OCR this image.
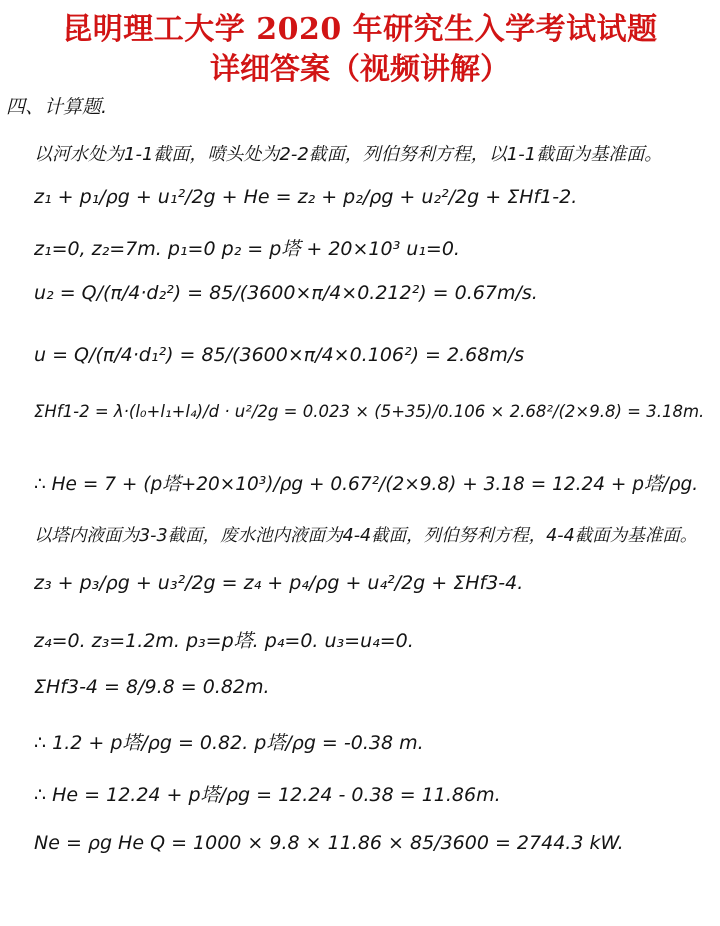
昆明理工大学 2020 年研究生入学考试试题
详细答案（视频讲解）
四、计算题.
以河水处为1-1截面，喷头处为2-2截面，列伯努利方程，以1-1截面为基准面。
z₁ + p₁/ρg + u₁²/2g + He = z₂ + p₂/ρg + u₂²/2g + ΣHf1-2.
z₁=0, z₂=7m. p₁=0 p₂ = p塔 + 20×10³ u₁=0.
u₂ = Q/(π/4·d₂²) = 85/(3600×π/4×0.212²) = 0.67m/s.
u = Q/(π/4·d₁²) = 85/(3600×π/4×0.106²) = 2.68m/s
ΣHf1-2 = λ·(l₀+l₁+l₄)/d · u²/2g = 0.023 × (5+35)/0.106 × 2.68²/(2×9.8) = 3.18m.
∴ He = 7 + (p塔+20×10³)/ρg + 0.67²/(2×9.8) + 3.18 = 12.24 + p塔/ρg.
以塔内液面为3-3截面，废水池内液面为4-4截面，列伯努利方程，4-4截面为基准面。
z₃ + p₃/ρg + u₃²/2g = z₄ + p₄/ρg + u₄²/2g + ΣHf3-4.
z₄=0. z₃=1.2m. p₃=p塔. p₄=0. u₃=u₄=0.
ΣHf3-4 = 8/9.8 = 0.82m.
∴ 1.2 + p塔/ρg = 0.82. p塔/ρg = -0.38 m.
∴ He = 12.24 + p塔/ρg = 12.24 - 0.38 = 11.86m.
Ne = ρg He Q = 1000 × 9.8 × 11.86 × 85/3600 = 2744.3 kW.
